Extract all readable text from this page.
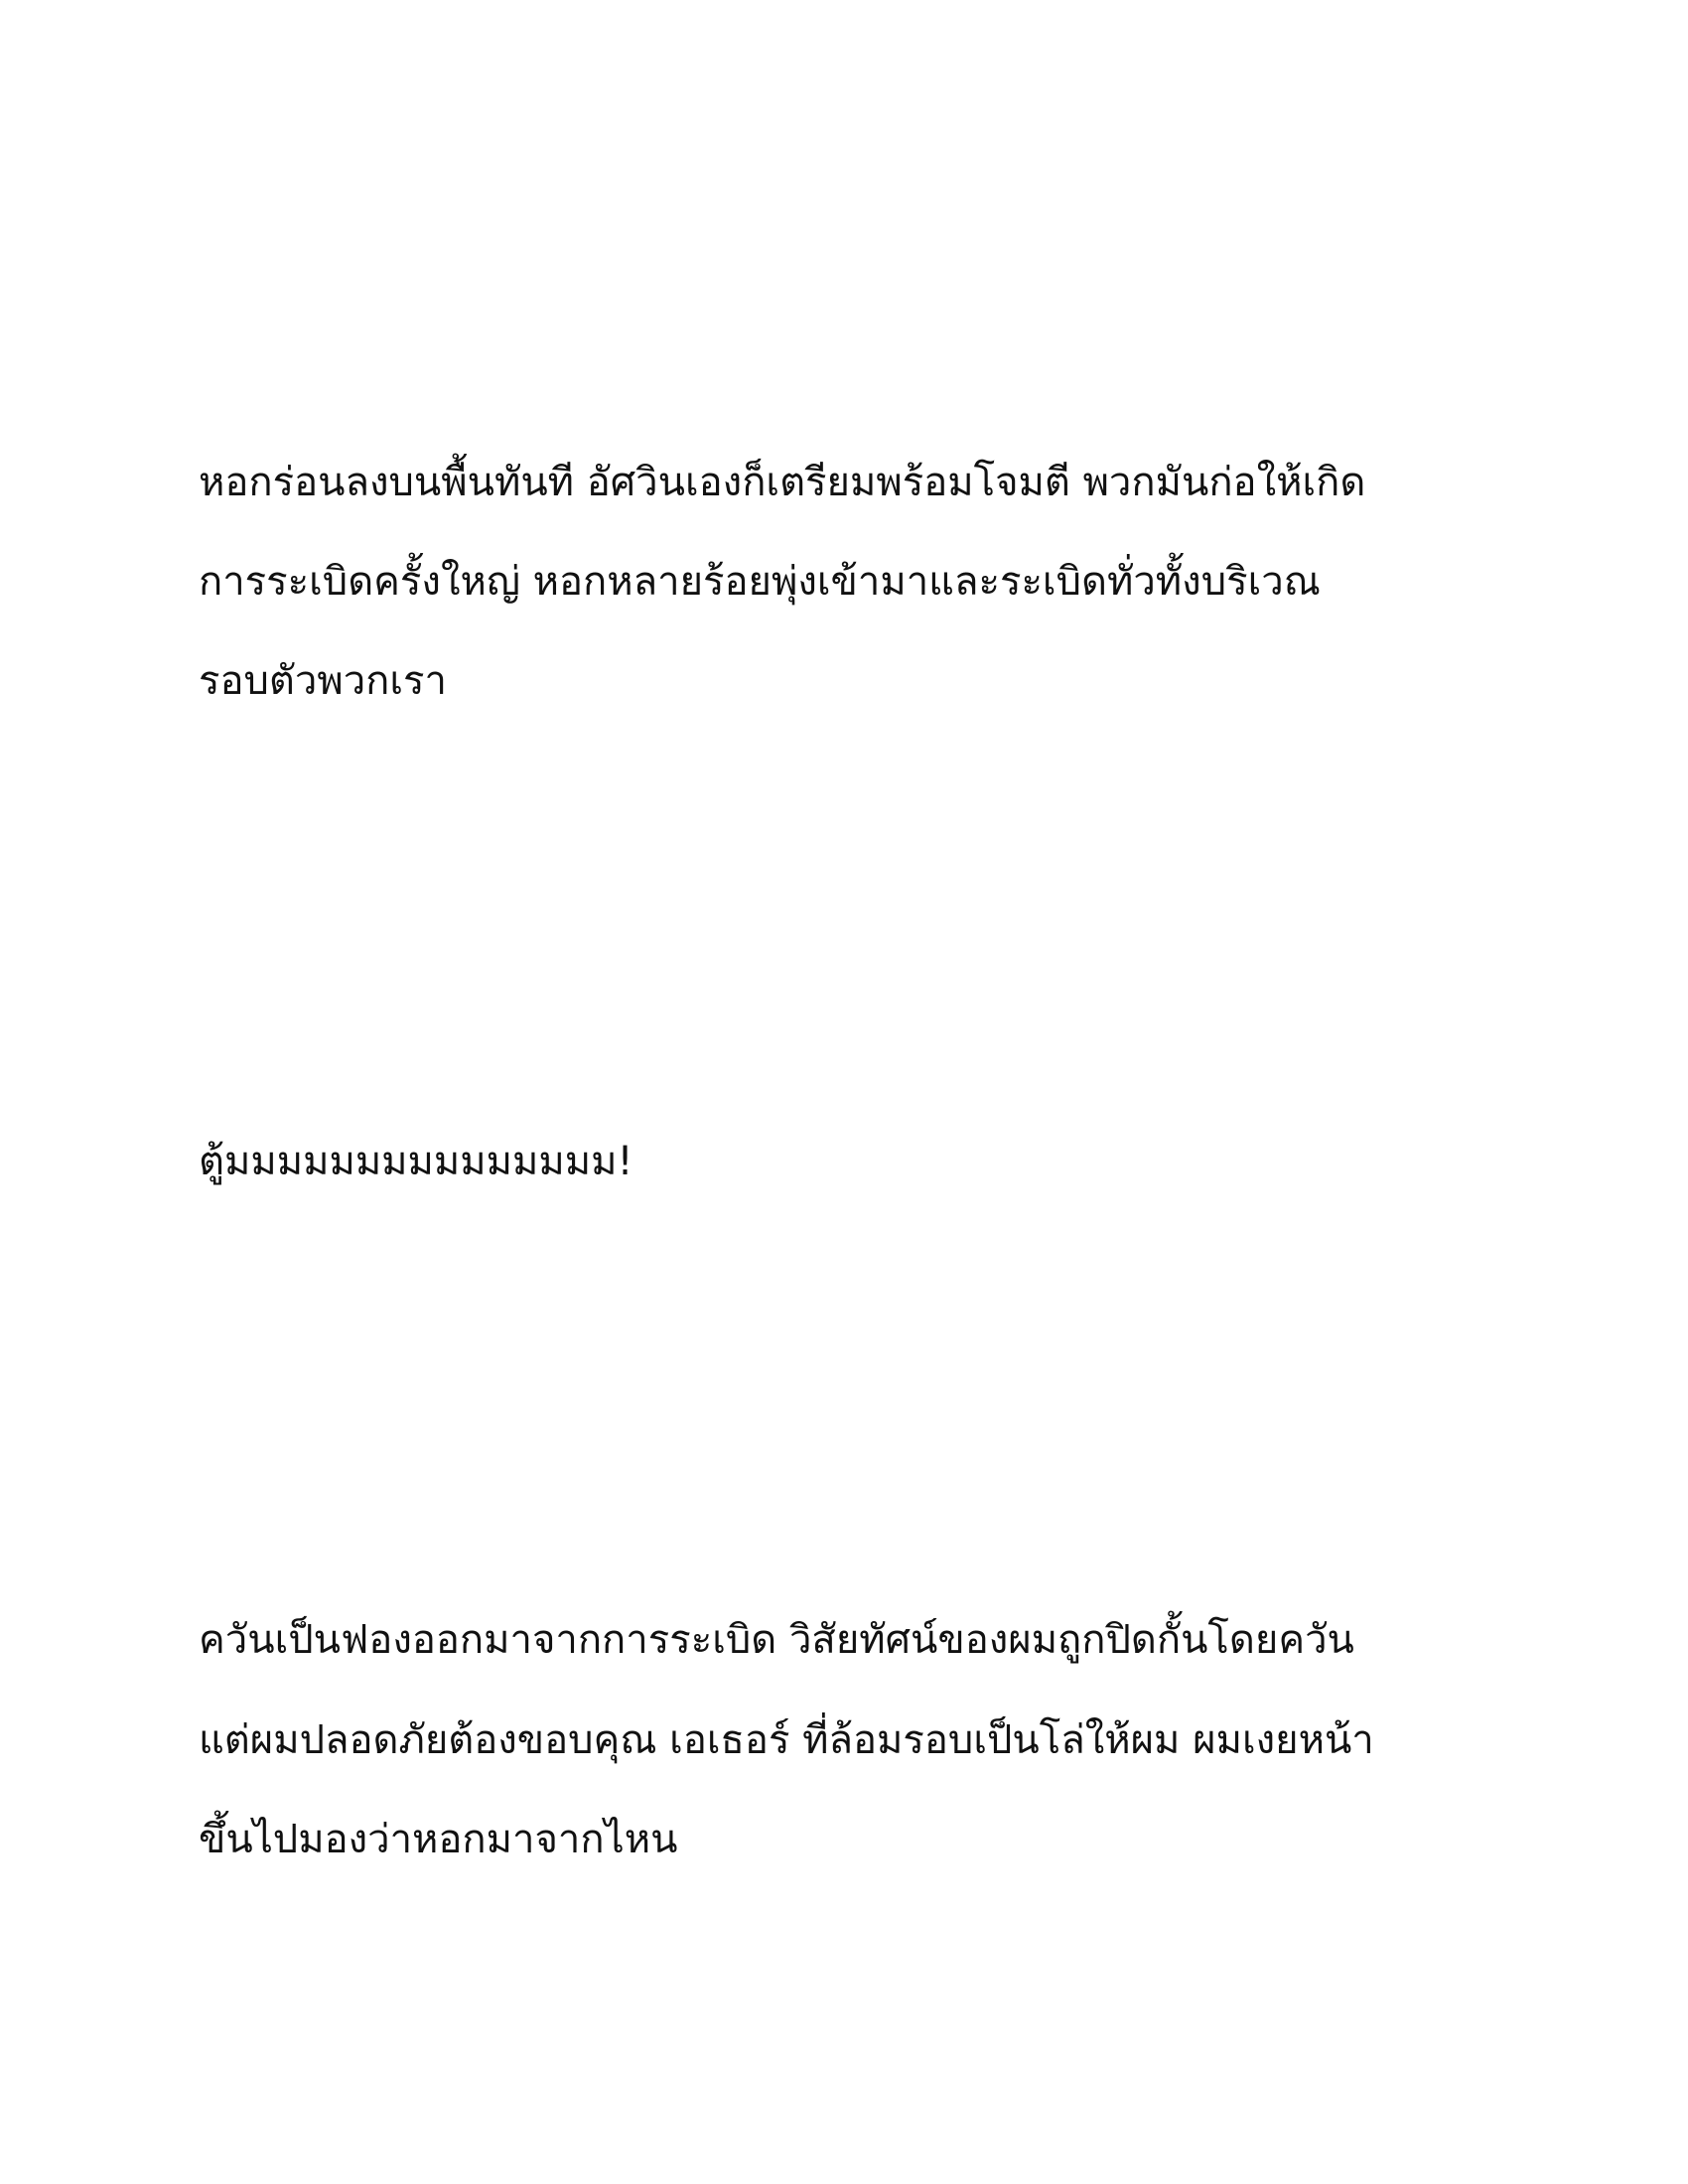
หอกร่อนลงบนพื้นทันที อัศวินเองก็เตรียมพร้อมโจมตี พวกมันก่อให้เกิด

การระเบิดครั้งใหญ่ หอกหลายร้อยพุ่งเข้ามาและระเบิดทั่วทั้งบริเวณ

รอบตัวพวกเรา

ตู้มมมมมมมมมมมมมมม!

ควันเป็นฟองออกมาจากการระเบิด วิสัยทัศน์ของผมถูกปิดกั้นโดยควัน

แต่ผมปลอดภัยต้องขอบคุณ เอเธอร์ ที่ล้อมรอบเป็นโล่ให้ผม ผมเงยหน้า

ขึ้นไปมองว่าหอกมาจากไหน
